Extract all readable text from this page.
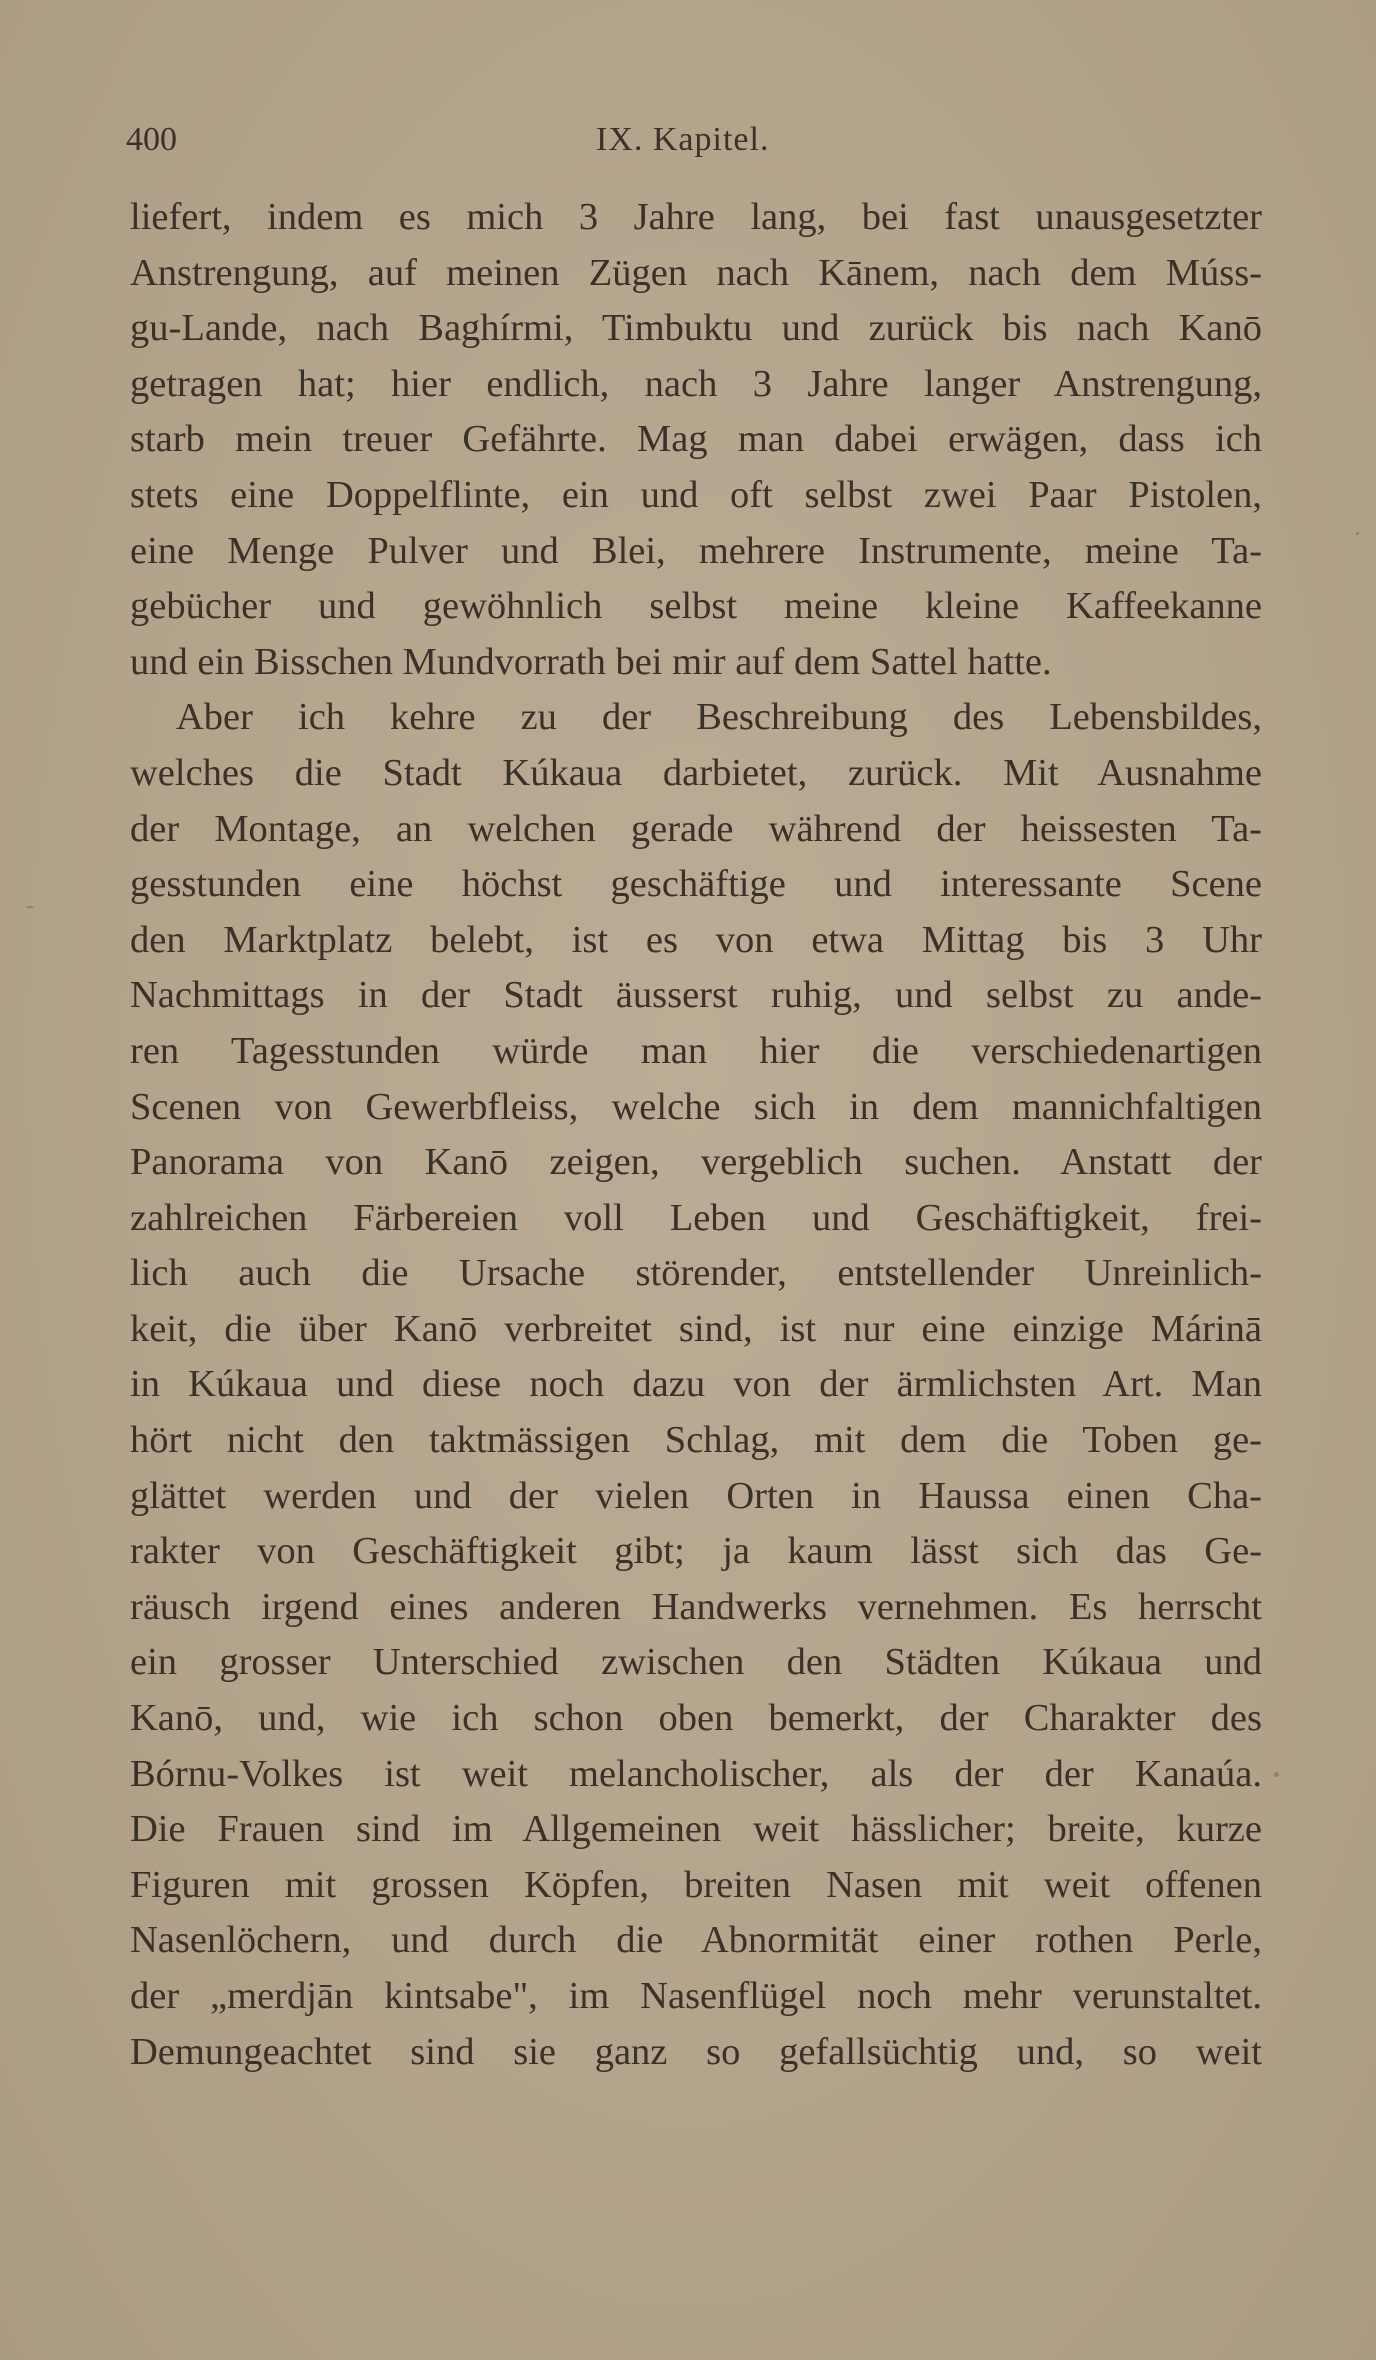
400	IX. Kapitel.
liefert, indem es mich 3 Jahre lang, bei fast unausgesetzter
Anstrengung, auf meinen Zügen nach Kānem, nach dem Múss-
gu-Lande, nach Baghírmi, Timbuktu und zurück bis nach Kanō
getragen hat; hier endlich, nach 3 Jahre langer Anstrengung,
starb mein treuer Gefährte. Mag man dabei erwägen, dass ich
stets eine Doppelflinte, ein und oft selbst zwei Paar Pistolen,
eine Menge Pulver und Blei, mehrere Instrumente, meine Ta-
gebücher und gewöhnlich selbst meine kleine Kaffeekanne
und ein Bisschen Mundvorrath bei mir auf dem Sattel hatte.
Aber ich kehre zu der Beschreibung des Lebensbildes,
welches die Stadt Kúkaua darbietet, zurück. Mit Ausnahme
der Montage, an welchen gerade während der heissesten Ta-
gesstunden eine höchst geschäftige und interessante Scene
den Marktplatz belebt, ist es von etwa Mittag bis 3 Uhr
Nachmittags in der Stadt äusserst ruhig, und selbst zu ande-
ren Tagesstunden würde man hier die verschiedenartigen
Scenen von Gewerbfleiss, welche sich in dem mannichfaltigen
Panorama von Kanō zeigen, vergeblich suchen. Anstatt der
zahlreichen Färbereien voll Leben und Geschäftigkeit, frei-
lich auch die Ursache störender, entstellender Unreinlich-
keit, die über Kanō verbreitet sind, ist nur eine einzige Márinā
in Kúkaua und diese noch dazu von der ärmlichsten Art. Man
hört nicht den taktmässigen Schlag, mit dem die Toben ge-
glättet werden und der vielen Orten in Haussa einen Cha-
rakter von Geschäftigkeit gibt; ja kaum lässt sich das Ge-
räusch irgend eines anderen Handwerks vernehmen. Es herrscht
ein grosser Unterschied zwischen den Städten Kúkaua und
Kanō, und, wie ich schon oben bemerkt, der Charakter des
Bórnu-Volkes ist weit melancholischer, als der der Kanaúa.
Die Frauen sind im Allgemeinen weit hässlicher; breite, kurze
Figuren mit grossen Köpfen, breiten Nasen mit weit offenen
Nasenlöchern, und durch die Abnormität einer rothen Perle,
der „merdjān kintsabe", im Nasenflügel noch mehr verunstaltet.
Demungeachtet sind sie ganz so gefallsüchtig und, so weit
